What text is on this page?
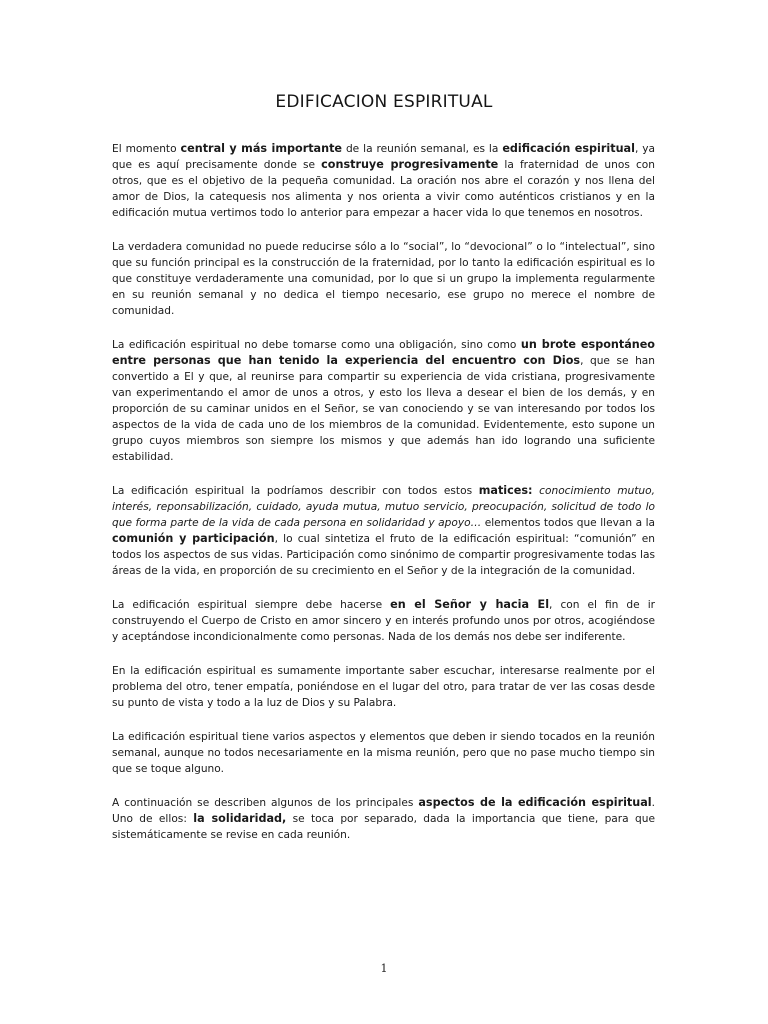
EDIFICACION ESPIRITUAL

El momento central y más importante de la reunión semanal, es la edificación espiritual, ya que es aquí precisamente donde se construye progresivamente la fraternidad de unos con otros, que es el objetivo de la pequeña comunidad. La oración nos abre el corazón y nos llena del amor de Dios, la catequesis nos alimenta y nos orienta a vivir como auténticos cristianos y en la edificación mutua vertimos todo lo anterior para empezar a hacer vida lo que tenemos en nosotros.

La verdadera comunidad no puede reducirse sólo a lo “social”, lo “devocional” o lo “intelectual”, sino que su función principal es la construcción de la fraternidad, por lo tanto la edificación espiritual es lo que constituye verdaderamente una comunidad, por lo que si un grupo la implementa regularmente en su reunión semanal y no dedica el tiempo necesario, ese grupo no merece el nombre de comunidad.

La edificación espiritual no debe tomarse como una obligación, sino como un brote espontáneo entre personas que han tenido la experiencia del encuentro con Dios, que se han convertido a El y que, al reunirse para compartir su experiencia de vida cristiana, progresivamente van experimentando el amor de unos a otros, y esto los lleva a desear el bien de los demás, y en proporción de su caminar unidos en el Señor, se van conociendo y se van interesando por todos los aspectos de la vida de cada uno de los miembros de la comunidad. Evidentemente, esto supone un grupo cuyos miembros son siempre los mismos y que además han ido logrando una suficiente estabilidad.

La edificación espiritual la podríamos describir con todos estos matices: conocimiento mutuo, interés, reponsabilización, cuidado, ayuda mutua, mutuo servicio, preocupación, solicitud de todo lo que forma parte de la vida de cada persona en solidaridad y apoyo… elementos todos que llevan a la comunión y participación, lo cual sintetiza el fruto de la edificación espiritual: “comunión” en todos los aspectos de sus vidas. Participación como sinónimo de compartir progresivamente todas las áreas de la vida, en proporción de su crecimiento en el Señor y de la integración de la comunidad.

La edificación espiritual siempre debe hacerse en el Señor y hacia El, con el fin de ir construyendo el Cuerpo de Cristo en amor sincero y en interés profundo unos por otros, acogiéndose y aceptándose incondicionalmente como personas. Nada de los demás nos debe ser indiferente.

En la edificación espiritual es sumamente importante saber escuchar, interesarse realmente por el problema del otro, tener empatía, poniéndose en el lugar del otro, para tratar de ver las cosas desde su punto de vista y todo a la luz de Dios y su Palabra.

La edificación espiritual tiene varios aspectos y elementos que deben ir siendo tocados en la reunión semanal, aunque no todos necesariamente en la misma reunión, pero que no pase mucho tiempo sin que se toque alguno.

A continuación se describen algunos de los principales aspectos de la edificación espiritual. Uno de ellos: la solidaridad, se toca por separado, dada la importancia que tiene, para que sistemáticamente se revise en cada reunión.

1
